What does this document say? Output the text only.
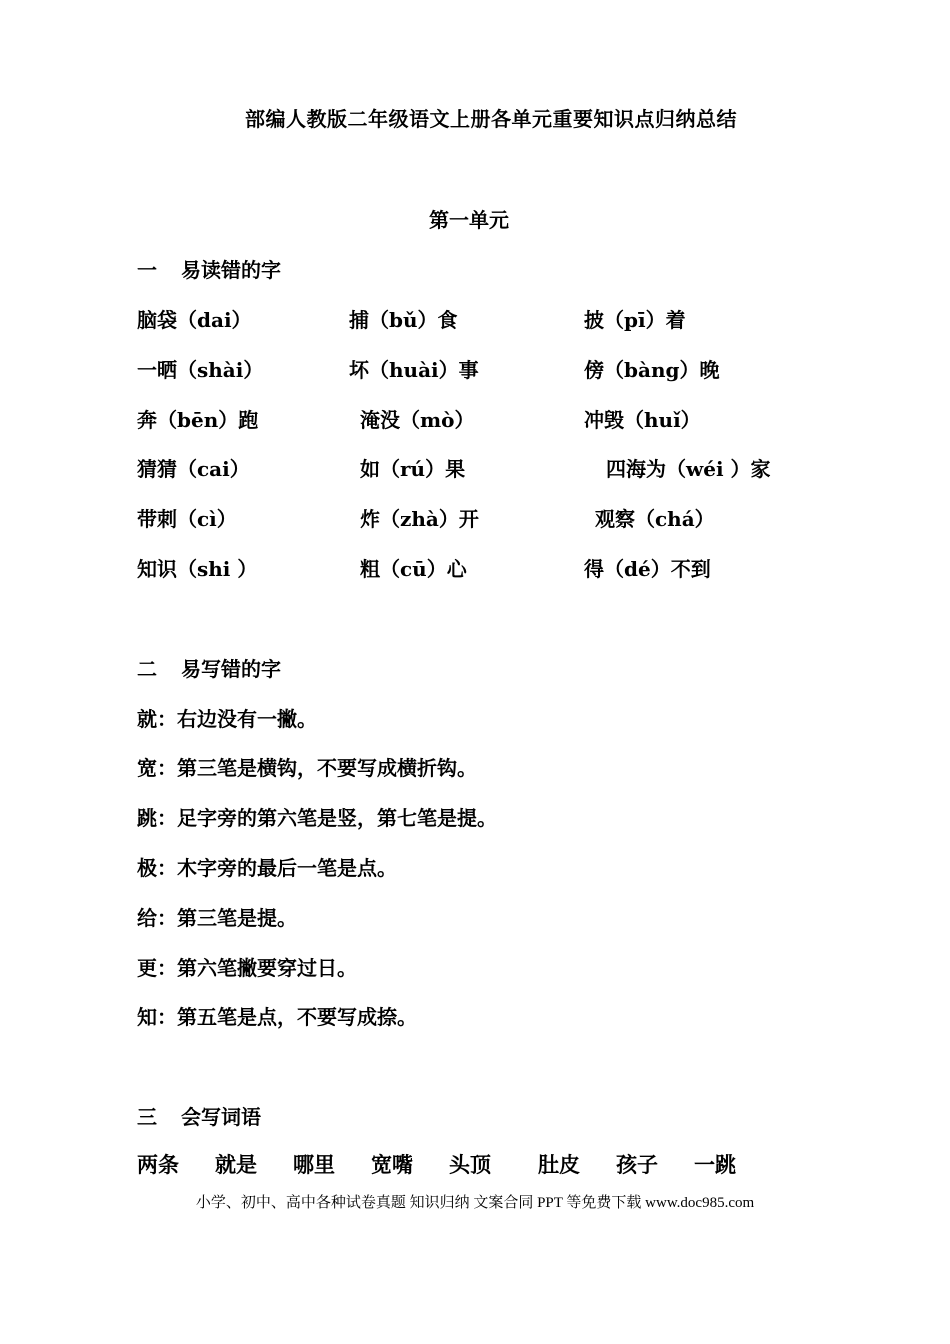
部编人教版二年级语文上册各单元重要知识点归纳总结
第一单元
一 易读错的字
脑袋（dai）	捕（bǔ）食	披（pī）着
一晒（shài）	坏（huài）事	傍（bàng）晚
奔（bēn）跑	淹没（mò）	冲毁（huǐ）
猜猜（cai）	如（rú）果	四海为（wéi ）家
带刺（cì）	炸（zhà）开	观察（chá）
知识（shi ）	粗（cū）心	得（dé）不到
二 易写错的字
就：右边没有一撇。
宽：第三笔是横钩，不要写成横折钩。
跳：足字旁的第六笔是竖，第七笔是提。
极：木字旁的最后一笔是点。
给：第三笔是提。
更：第六笔撇要穿过日。
知：第五笔是点，不要写成捺。
三 会写词语
两条 就是 哪里 宽嘴 头顶 肚皮 孩子 一跳
小学、初中、高中各种试卷真题 知识归纳 文案合同 PPT 等免费下载 www.doc985.com
